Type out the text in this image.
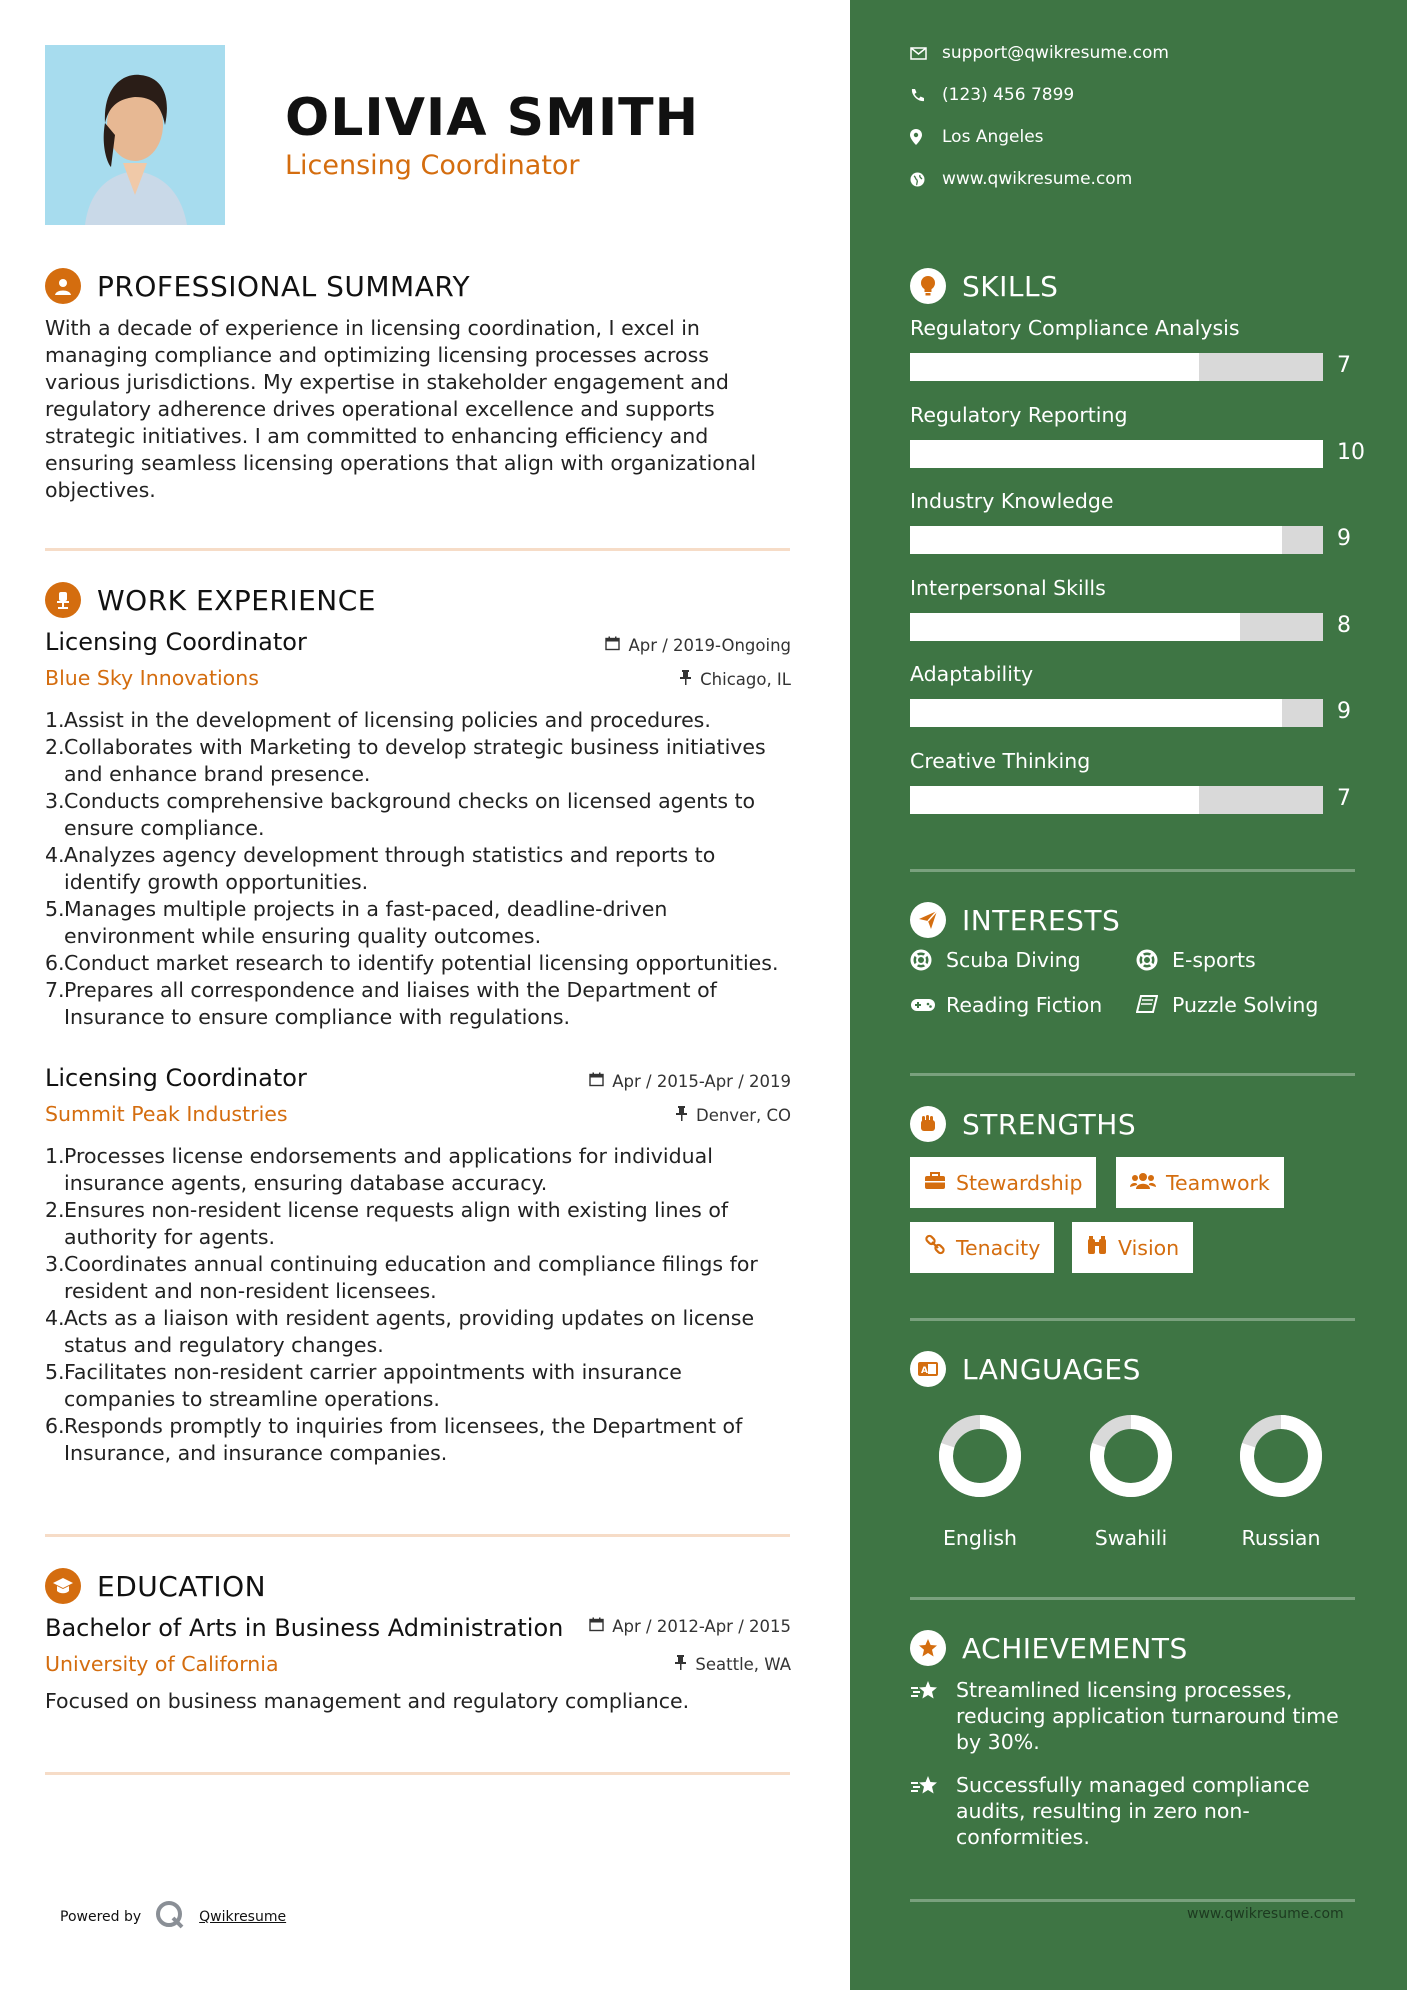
OLIVIA SMITH
Licensing Coordinator
PROFESSIONAL SUMMARY
With a decade of experience in licensing coordination, I excel in
managing compliance and optimizing licensing processes across
various jurisdictions. My expertise in stakeholder engagement and
regulatory adherence drives operational excellence and supports
strategic initiatives. I am committed to enhancing efficiency and
ensuring seamless licensing operations that align with organizational
objectives.
WORK EXPERIENCE
Licensing Coordinator	Apr / 2019-Ongoing
Blue Sky Innovations	Chicago, IL
1. Assist in the development of licensing policies and procedures.
2. Collaborates with Marketing to develop strategic business initiatives
and enhance brand presence.
3. Conducts comprehensive background checks on licensed agents to
ensure compliance.
4. Analyzes agency development through statistics and reports to
identify growth opportunities.
5. Manages multiple projects in a fast-paced, deadline-driven
environment while ensuring quality outcomes.
6. Conduct market research to identify potential licensing opportunities.
7. Prepares all correspondence and liaises with the Department of
Insurance to ensure compliance with regulations.
Licensing Coordinator	Apr / 2015-Apr / 2019
Summit Peak Industries	Denver, CO
1. Processes license endorsements and applications for individual
insurance agents, ensuring database accuracy.
2. Ensures non-resident license requests align with existing lines of
authority for agents.
3. Coordinates annual continuing education and compliance filings for
resident and non-resident licensees.
4. Acts as a liaison with resident agents, providing updates on license
status and regulatory changes.
5. Facilitates non-resident carrier appointments with insurance
companies to streamline operations.
6. Responds promptly to inquiries from licensees, the Department of
Insurance, and insurance companies.
EDUCATION
Bachelor of Arts in Business Administration	Apr / 2012-Apr / 2015
University of California	Seattle, WA
Focused on business management and regulatory compliance.
Powered by	Qwikresume
support@qwikresume.com
(123) 456 7899
Los Angeles
www.qwikresume.com
SKILLS
Regulatory Compliance Analysis
7
Regulatory Reporting
10
Industry Knowledge
9
Interpersonal Skills
8
Adaptability
9
Creative Thinking
7
INTERESTS
Scuba Diving	E-sports
Reading Fiction	Puzzle Solving
STRENGTHS
Stewardship	Teamwork
Tenacity	Vision
A LANGUAGES
English	Swahili	Russian
ACHIEVEMENTS
Streamlined licensing processes,
reducing application turnaround time
by 30%.
Successfully managed compliance
audits, resulting in zero non-
conformities.
www.qwikresume.com
